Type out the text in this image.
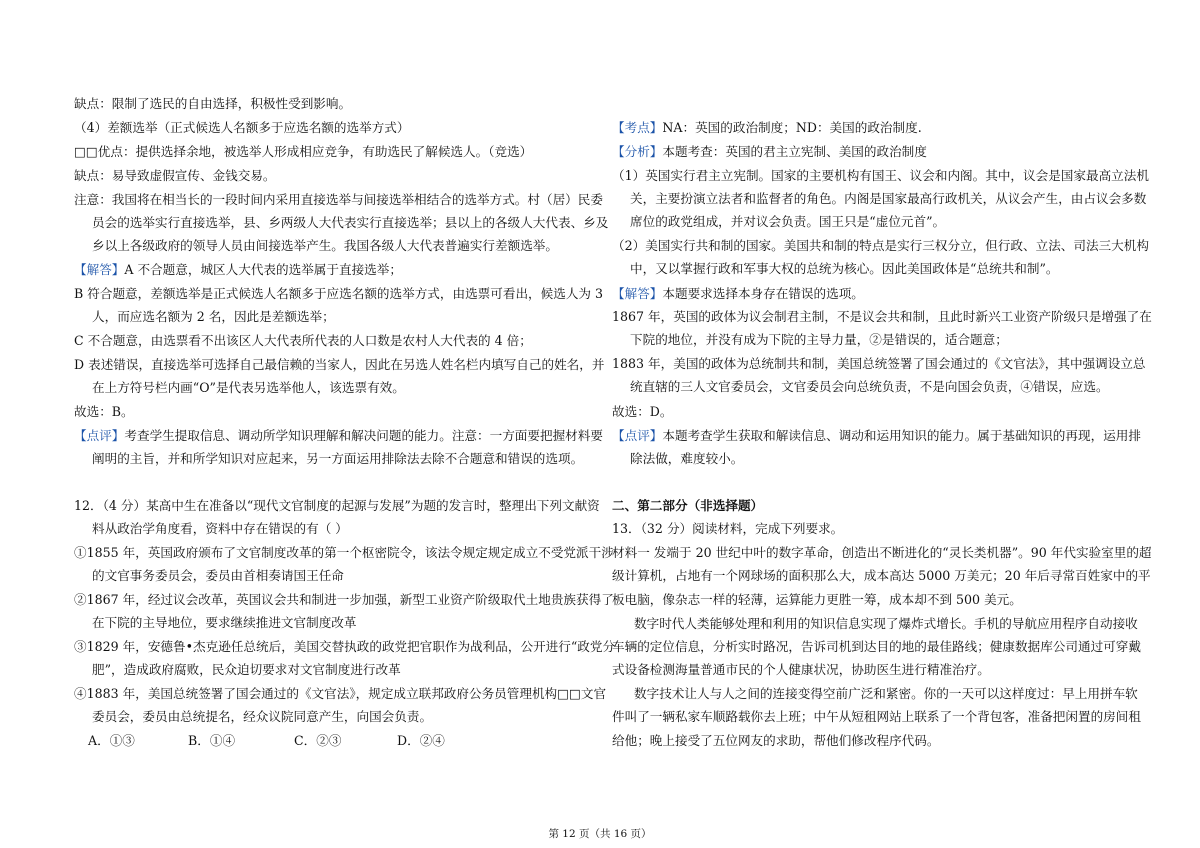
缺点：限制了选民的自由选择，积极性受到影响。
（4）差额选举（正式候选人名额多于应选名额的选举方式）
□□优点：提供选择余地，被选举人形成相应竞争，有助选民了解候选人。（竞选）
缺点：易导致虚假宣传、金钱交易。
注意：我国将在相当长的一段时间内采用直接选举与间接选举相结合的选举方式。村（居）民委
员会的选举实行直接选举，县、乡两级人大代表实行直接选举；县以上的各级人大代表、乡及
乡以上各级政府的领导人员由间接选举产生。我国各级人大代表普遍实行差额选举。
【解答】A 不合题意，城区人大代表的选举属于直接选举；
B 符合题意，差额选举是正式候选人名额多于应选名额的选举方式，由选票可看出，候选人为 3
人，而应选名额为 2 名，因此是差额选举；
C 不合题意，由选票看不出该区人大代表所代表的人口数是农村人大代表的 4 倍；
D 表述错误，直接选举可选择自己最信赖的当家人，因此在另选人姓名栏内填写自己的姓名，并
在上方符号栏内画“O”是代表另选举他人，该选票有效。
故选：B。
【点评】考查学生提取信息、调动所学知识理解和解决问题的能力。注意：一方面要把握材料要
阐明的主旨，并和所学知识对应起来，另一方面运用排除法去除不合题意和错误的选项。
12．（4 分）某高中生在准备以“现代文官制度的起源与发展”为题的发言时，整理出下列文献资
料从政治学角度看，资料中存在错误的有（ ）
①1855 年，英国政府颁布了文官制度改革的第一个枢密院令，该法令规定规定成立不受党派干涉
的文官事务委员会，委员由首相奏请国王任命
②1867 年，经过议会改革，英国议会共和制进一步加强，新型工业资产阶级取代土地贵族获得了
在下院的主导地位，要求继续推进文官制度改革
③1829 年，安德鲁•杰克逊任总统后，美国交替执政的政党把官职作为战利品，公开进行“政党分
肥”，造成政府腐败，民众迫切要求对文官制度进行改革
④1883 年，美国总统签署了国会通过的《文官法》，规定成立联邦政府公务员管理机构□□文官
委员会，委员由总统提名，经众议院同意产生，向国会负责。
A．①③	B．①④	C．②③	D．②④
【考点】NA：英国的政治制度；ND：美国的政治制度.
【分析】本题考查：英国的君主立宪制、美国的政治制度
（1）英国实行君主立宪制。国家的主要机构有国王、议会和内阁。其中，议会是国家最高立法机
关，主要扮演立法者和监督者的角色。内阁是国家最高行政机关，从议会产生，由占议会多数
席位的政党组成，并对议会负责。国王只是“虚位元首”。
（2）美国实行共和制的国家。美国共和制的特点是实行三权分立，但行政、立法、司法三大机构
中，又以掌握行政和军事大权的总统为核心。因此美国政体是“总统共和制”。
【解答】本题要求选择本身存在错误的选项。
1867 年，英国的政体为议会制君主制，不是议会共和制，且此时新兴工业资产阶级只是增强了在
下院的地位，并没有成为下院的主导力量，②是错误的，适合题意；
1883 年，美国的政体为总统制共和制，美国总统签署了国会通过的《文官法》，其中强调设立总
统直辖的三人文官委员会，文官委员会向总统负责，不是向国会负责，④错误，应选。
故选：D。
【点评】本题考查学生获取和解读信息、调动和运用知识的能力。属于基础知识的再现，运用排
除法做，难度较小。
二、第二部分（非选择题）
13．（32 分）阅读材料，完成下列要求。
材料一 发端于 20 世纪中叶的数字革命，创造出不断进化的“灵长类机器”。90 年代实验室里的超
级计算机，占地有一个网球场的面积那么大，成本高达 5000 万美元；20 年后寻常百姓家中的平
板电脑，像杂志一样的轻薄，运算能力更胜一筹，成本却不到 500 美元。
数字时代人类能够处理和利用的知识信息实现了爆炸式增长。手机的导航应用程序自动接收
车辆的定位信息，分析实时路况，告诉司机到达目的地的最佳路线；健康数据库公司通过可穿戴
式设备检测海量普通市民的个人健康状况，协助医生进行精准治疗。
数字技术让人与人之间的连接变得空前广泛和紧密。你的一天可以这样度过：早上用拼车软
件叫了一辆私家车顺路载你去上班；中午从短租网站上联系了一个背包客，准备把闲置的房间租
给他；晚上接受了五位网友的求助，帮他们修改程序代码。
第 12 页（共 16 页）
